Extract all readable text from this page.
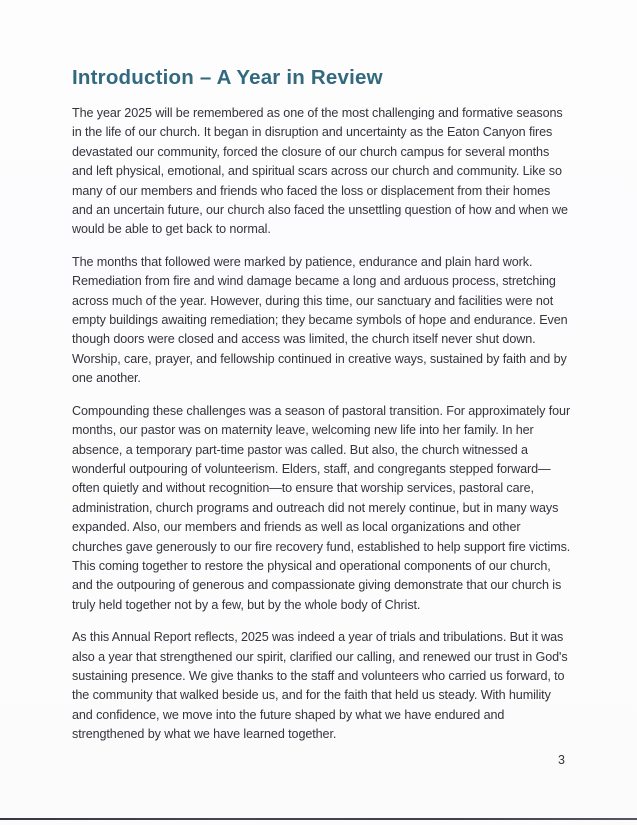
Introduction – A Year in Review

The year 2025 will be remembered as one of the most challenging and formative seasons in the life of our church. It began in disruption and uncertainty as the Eaton Canyon fires devastated our community, forced the closure of our church campus for several months and left physical, emotional, and spiritual scars across our church and community. Like so many of our members and friends who faced the loss or displacement from their homes and an uncertain future, our church also faced the unsettling question of how and when we would be able to get back to normal.

The months that followed were marked by patience, endurance and plain hard work. Remediation from fire and wind damage became a long and arduous process, stretching across much of the year. However, during this time, our sanctuary and facilities were not empty buildings awaiting remediation; they became symbols of hope and endurance. Even though doors were closed and access was limited, the church itself never shut down. Worship, care, prayer, and fellowship continued in creative ways, sustained by faith and by one another.

Compounding these challenges was a season of pastoral transition. For approximately four months, our pastor was on maternity leave, welcoming new life into her family. In her absence, a temporary part-time pastor was called. But also, the church witnessed a wonderful outpouring of volunteerism. Elders, staff, and congregants stepped forward—often quietly and without recognition—to ensure that worship services, pastoral care, administration, church programs and outreach did not merely continue, but in many ways expanded. Also, our members and friends as well as local organizations and other churches gave generously to our fire recovery fund, established to help support fire victims. This coming together to restore the physical and operational components of our church, and the outpouring of generous and compassionate giving demonstrate that our church is truly held together not by a few, but by the whole body of Christ.

As this Annual Report reflects, 2025 was indeed a year of trials and tribulations. But it was also a year that strengthened our spirit, clarified our calling, and renewed our trust in God's sustaining presence. We give thanks to the staff and volunteers who carried us forward, to the community that walked beside us, and for the faith that held us steady. With humility and confidence, we move into the future shaped by what we have endured and strengthened by what we have learned together.

3
